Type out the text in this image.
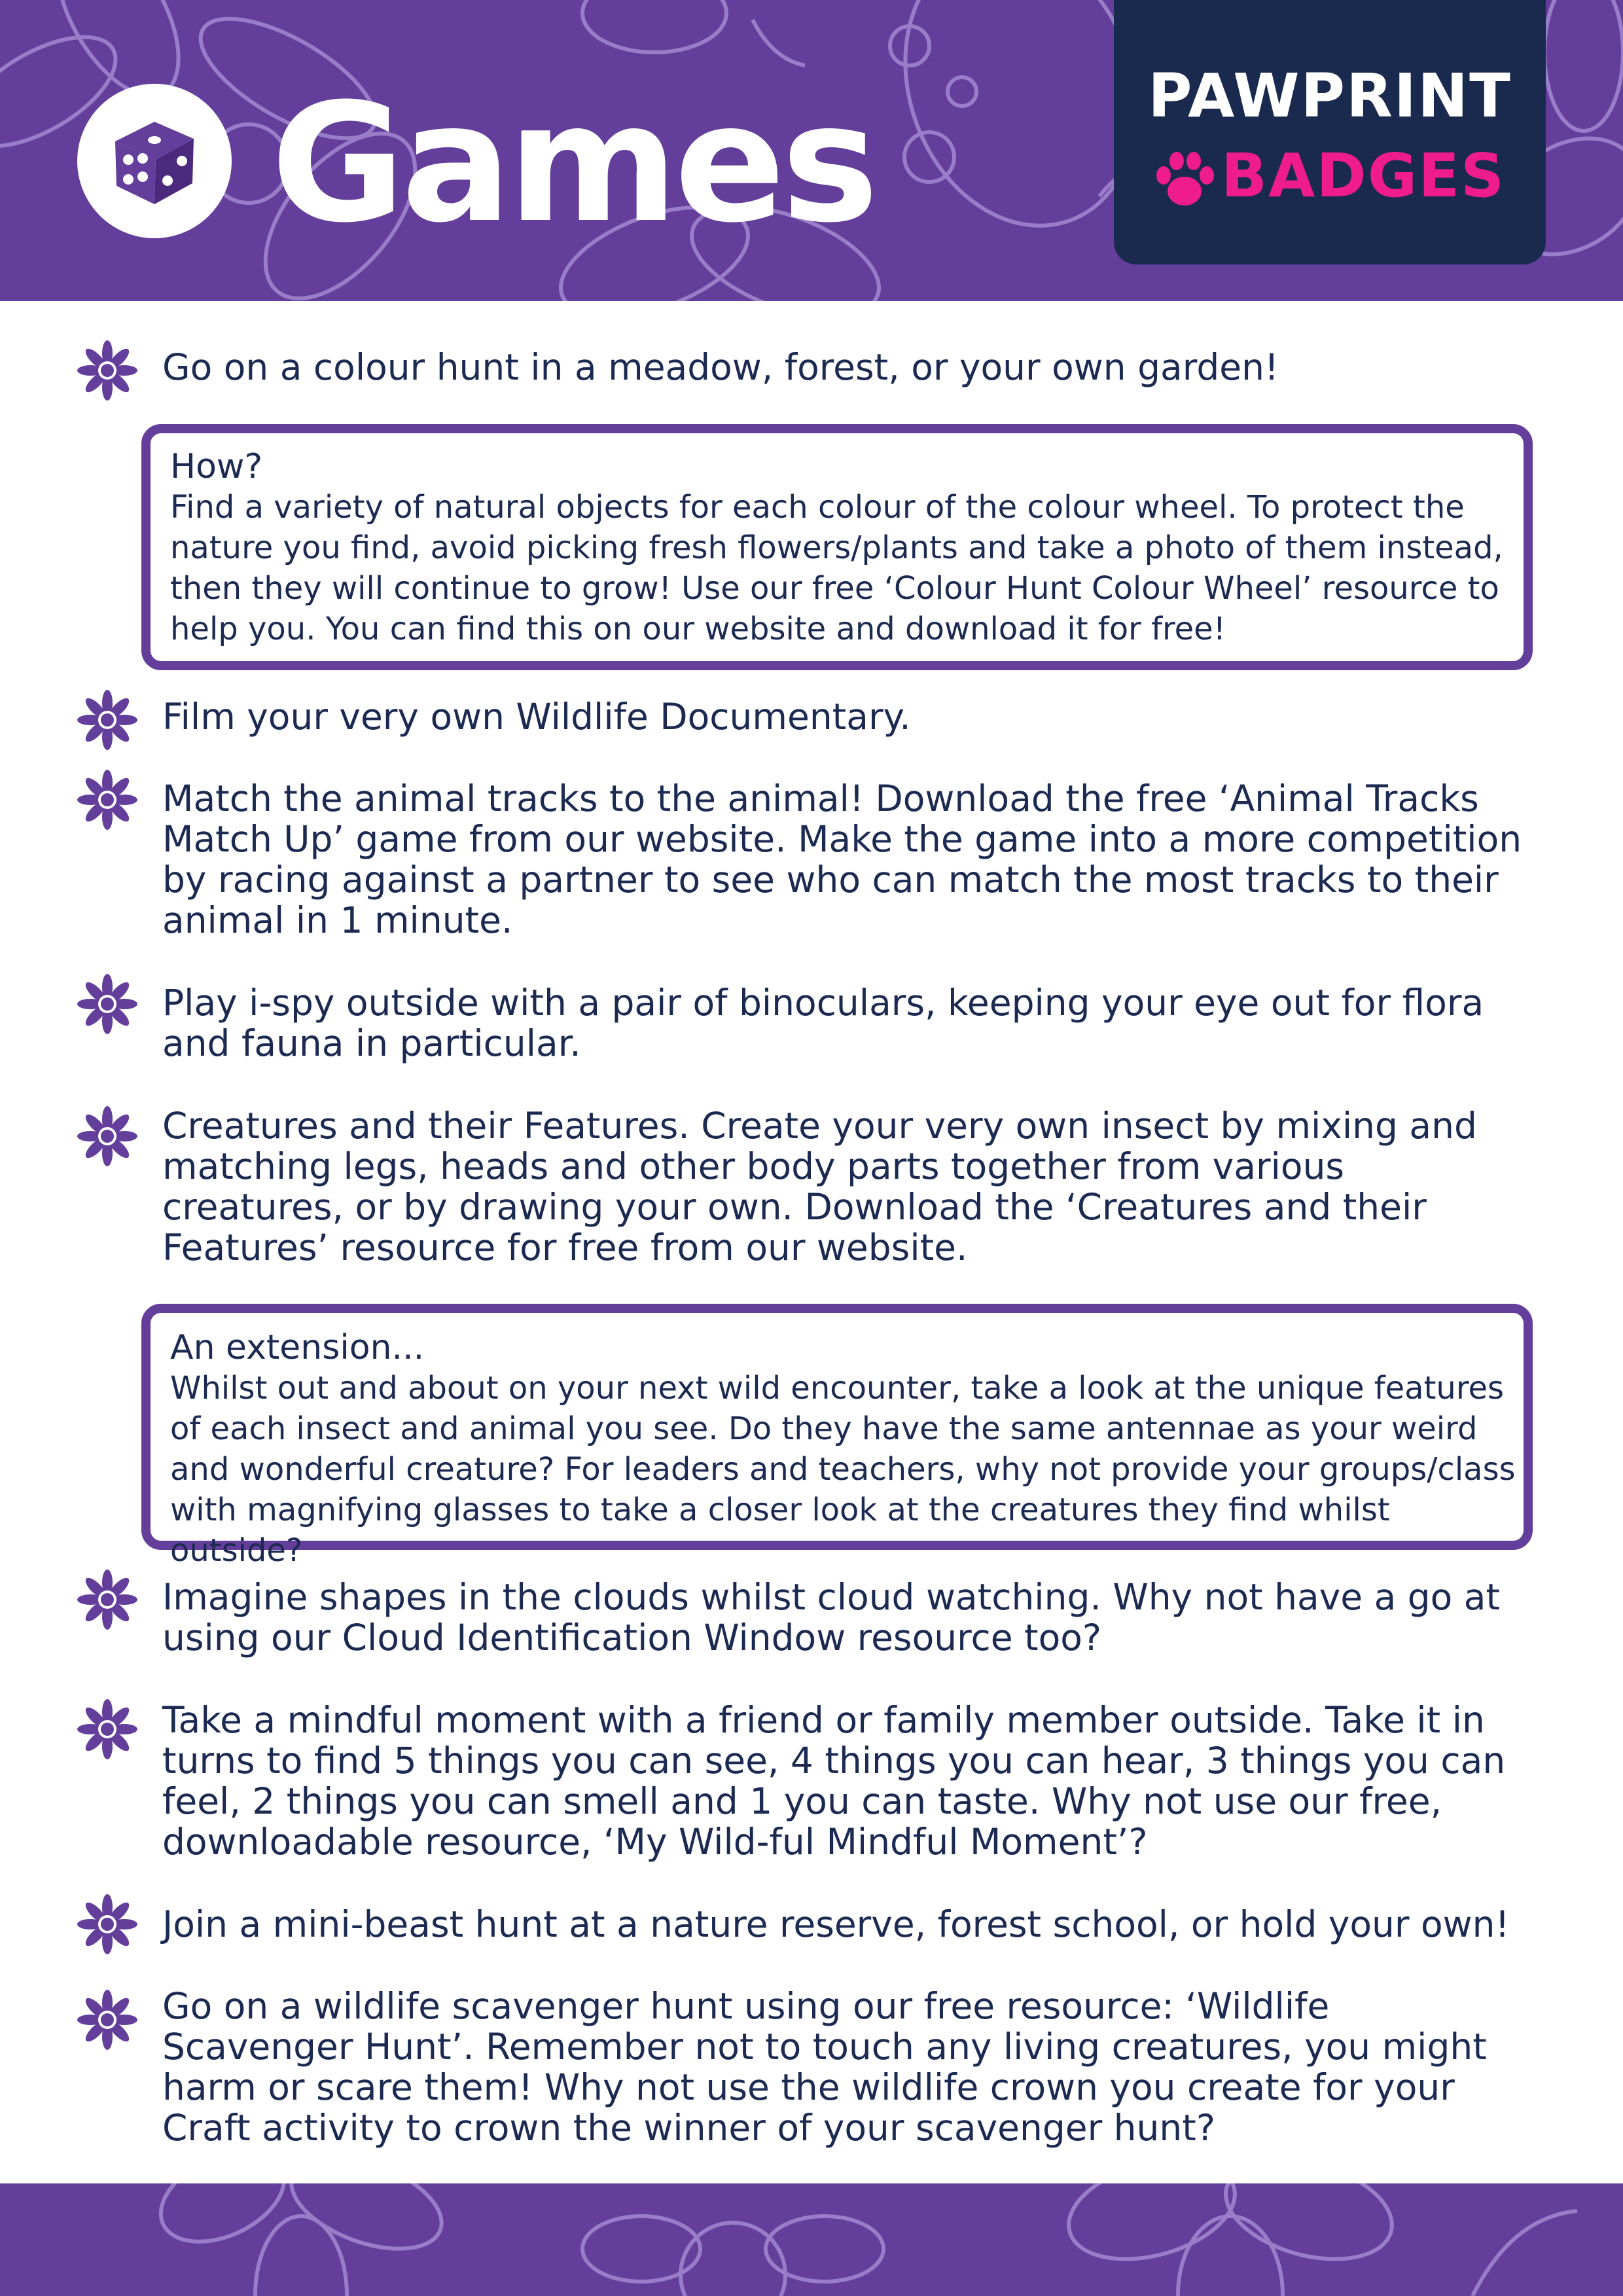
Games	PAWPRINT
BADGES
Go on a colour hunt in a meadow, forest, or your own garden!
How?
Find a variety of natural objects for each colour of the colour wheel. To protect the nature you find, avoid picking fresh flowers/plants and take a photo of them instead, then they will continue to grow! Use our free ‘Colour Hunt Colour Wheel’ resource to help you. You can find this on our website and download it for free!
Film your very own Wildlife Documentary.
Match the animal tracks to the animal! Download the free ‘Animal Tracks Match Up’ game from our website. Make the game into a more competition by racing against a partner to see who can match the most tracks to their animal in 1 minute.
Play i-spy outside with a pair of binoculars, keeping your eye out for flora and fauna in particular.
Creatures and their Features. Create your very own insect by mixing and matching legs, heads and other body parts together from various creatures, or by drawing your own. Download the ‘Creatures and their Features’ resource for free from our website.
An extension...
Whilst out and about on your next wild encounter, take a look at the unique features of each insect and animal you see. Do they have the same antennae as your weird and wonderful creature? For leaders and teachers, why not provide your groups/class with magnifying glasses to take a closer look at the creatures they find whilst outside?
Imagine shapes in the clouds whilst cloud watching. Why not have a go at using our Cloud Identification Window resource too?
Take a mindful moment with a friend or family member outside. Take it in turns to find 5 things you can see, 4 things you can hear, 3 things you can feel, 2 things you can smell and 1 you can taste. Why not use our free, downloadable resource, ‘My Wild-ful Mindful Moment’?
Join a mini-beast hunt at a nature reserve, forest school, or hold your own!
Go on a wildlife scavenger hunt using our free resource: ‘Wildlife Scavenger Hunt’. Remember not to touch any living creatures, you might harm or scare them! Why not use the wildlife crown you create for your Craft activity to crown the winner of your scavenger hunt?
